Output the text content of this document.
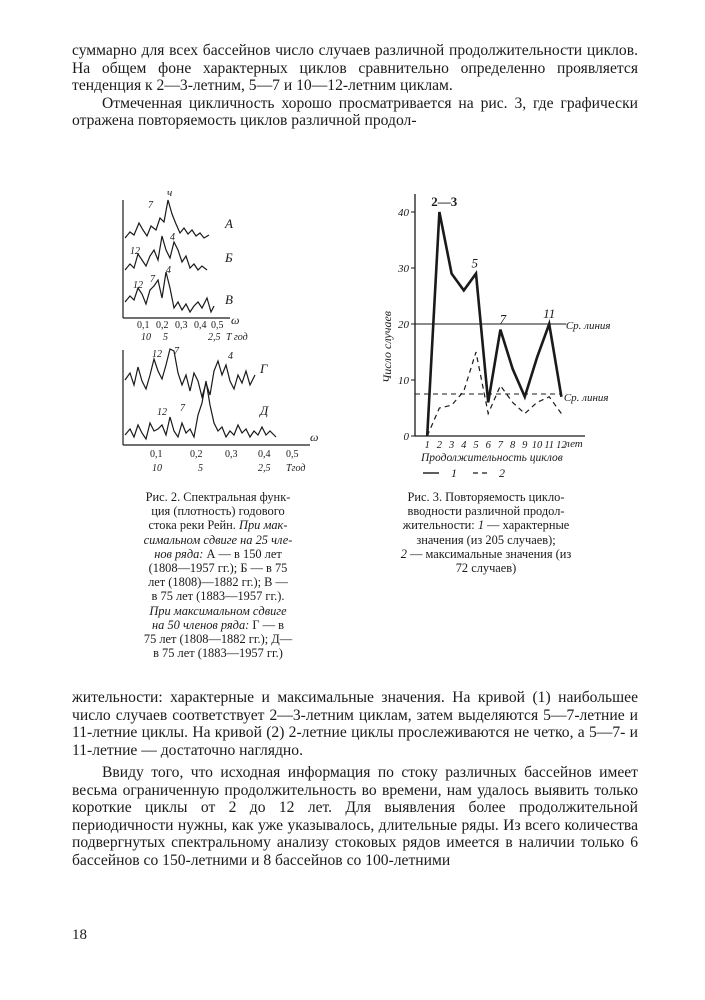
суммарно для всех бассейнов число случаев различной продолжительности циклов. На общем фоне характерных циклов сравнительно определенно проявляется тенденция к 2—3-летним, 5—7 и 10—12-летним циклам.

Отмеченная цикличность хорошо просматривается на рис. 3, где графически отражена повторяемость циклов различной продол-

А
Б
В
7
ч
4
12
4
12
7
ω
0,1 0,2 0,3 0,4 0,5
10 5	2,5 T год
Г
Д
12 7	4
12 7
ω
0,1	0,2 0,3 0,4 0,5
10	5	2,5 Tгод

Рис. 2. Спектральная функ-

ция (плотность) годового

стока реки Рейн. При мак-

симальном сдвиге на 25 чле-

нов ряда: А — в 150 лет

(1808—1957 гг.); Б — в 75

лет (1808)—1882 гг.); В —

в 75 лет (1883—1957 гг.).

При максимальном сдвиге

на 50 членов ряда: Г — в

75 лет (1808—1882 гг.); Д—

в 75 лет (1883—1957 гг.)

Число случаев
0
10
20
30
40
1 2 3 4 5 6 7 8 9 10 11 12
Ср. линия
Ср. линия
2—3
5
7	11
лет
Продолжительность циклов
1	2

Рис. 3. Повторяемость цикло-

вводности различной продол-

жительности: 1 — характерные

значения (из 205 случаев);

2 — максимальные значения (из

72 случаев)

жительности: характерные и максимальные значения. На кривой (1) наибольшее число случаев соответствует 2—3-летним циклам, затем выделяются 5—7-летние и 11-летние циклы. На кривой (2) 2-летние циклы прослеживаются не четко, а 5—7- и 11-летние — достаточно наглядно.

Ввиду того, что исходная информация по стоку различных бассейнов имеет весьма ограниченную продолжительность во времени, нам удалось выявить только короткие циклы от 2 до 12 лет. Для выявления более продолжительной периодичности нужны, как уже указывалось, длительные ряды. Из всего количества подвергнутых спектральному анализу стоковых рядов имеется в наличии только 6 бассейнов со 150-летними и 8 бассейнов со 100-летними

18
